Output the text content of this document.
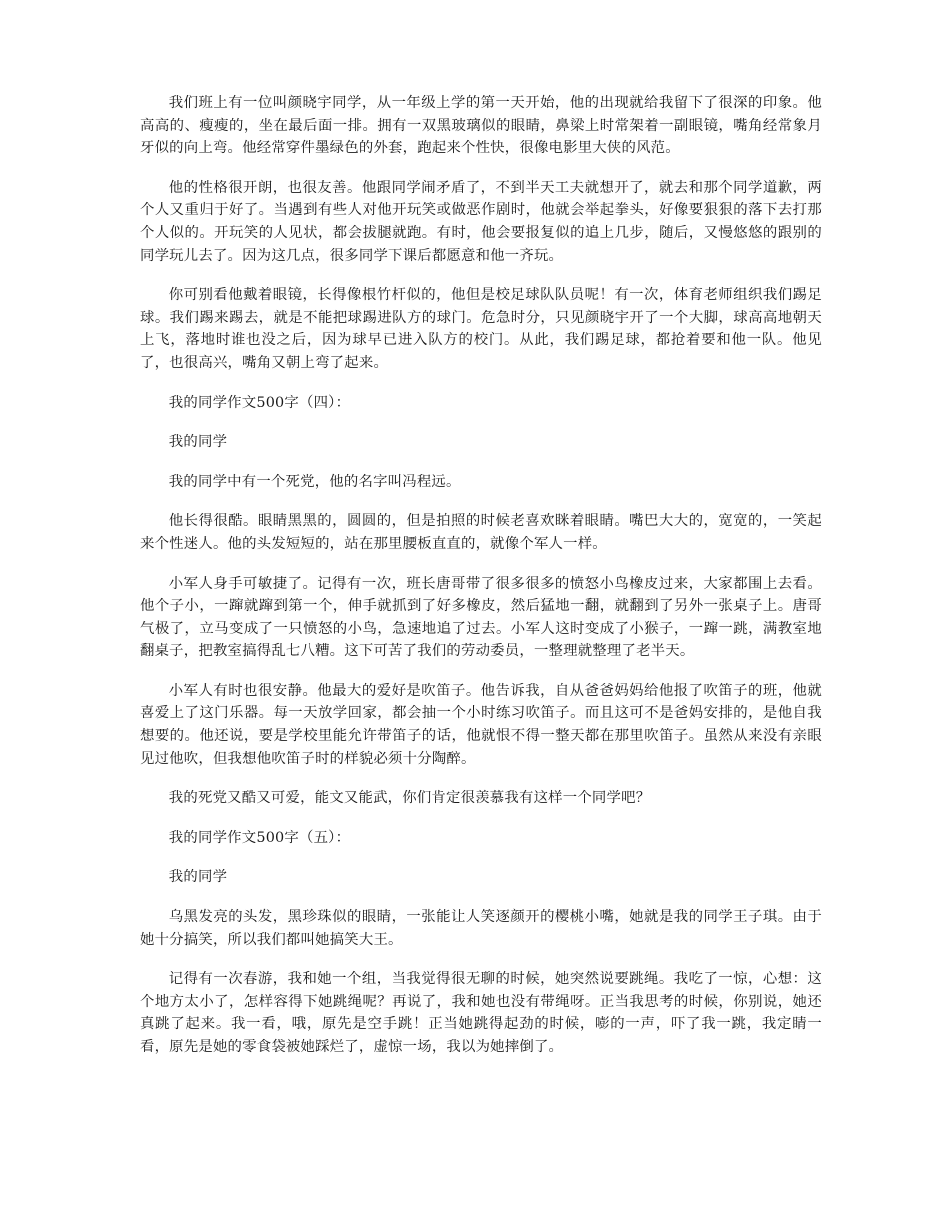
我们班上有一位叫颜晓宇同学，从一年级上学的第一天开始，他的出现就给我留下了很深的印象。他高高的、瘦瘦的，坐在最后面一排。拥有一双黑玻璃似的眼睛，鼻梁上时常架着一副眼镜，嘴角经常象月牙似的向上弯。他经常穿件墨绿色的外套，跑起来个性快，很像电影里大侠的风范。

他的性格很开朗，也很友善。他跟同学闹矛盾了，不到半天工夫就想开了，就去和那个同学道歉，两个人又重归于好了。当遇到有些人对他开玩笑或做恶作剧时，他就会举起拳头，好像要狠狠的落下去打那个人似的。开玩笑的人见状，都会拔腿就跑。有时，他会要报复似的追上几步，随后，又慢悠悠的跟别的同学玩儿去了。因为这几点，很多同学下课后都愿意和他一齐玩。

你可别看他戴着眼镜，长得像根竹杆似的，他但是校足球队队员呢！有一次，体育老师组织我们踢足球。我们踢来踢去，就是不能把球踢进队方的球门。危急时分，只见颜晓宇开了一个大脚，球高高地朝天上飞，落地时谁也没之后，因为球早已进入队方的校门。从此，我们踢足球，都抢着要和他一队。他见了，也很高兴，嘴角又朝上弯了起来。

我的同学作文500字（四）：

我的同学

我的同学中有一个死党，他的名字叫冯程远。

他长得很酷。眼睛黑黑的，圆圆的，但是拍照的时候老喜欢眯着眼睛。嘴巴大大的，宽宽的，一笑起来个性迷人。他的头发短短的，站在那里腰板直直的，就像个军人一样。

小军人身手可敏捷了。记得有一次，班长唐哥带了很多很多的愤怒小鸟橡皮过来，大家都围上去看。他个子小，一蹿就蹿到第一个，伸手就抓到了好多橡皮，然后猛地一翻，就翻到了另外一张桌子上。唐哥气极了，立马变成了一只愤怒的小鸟，急速地追了过去。小军人这时变成了小猴子，一蹿一跳，满教室地翻桌子，把教室搞得乱七八糟。这下可苦了我们的劳动委员，一整理就整理了老半天。

小军人有时也很安静。他最大的爱好是吹笛子。他告诉我，自从爸爸妈妈给他报了吹笛子的班，他就喜爱上了这门乐器。每一天放学回家，都会抽一个小时练习吹笛子。而且这可不是爸妈安排的，是他自我想要的。他还说，要是学校里能允许带笛子的话，他就恨不得一整天都在那里吹笛子。虽然从来没有亲眼见过他吹，但我想他吹笛子时的样貌必须十分陶醉。

我的死党又酷又可爱，能文又能武，你们肯定很羡慕我有这样一个同学吧？

我的同学作文500字（五）：

我的同学

乌黑发亮的头发，黑珍珠似的眼睛，一张能让人笑逐颜开的樱桃小嘴，她就是我的同学王子琪。由于她十分搞笑，所以我们都叫她搞笑大王。

记得有一次春游，我和她一个组，当我觉得很无聊的时候，她突然说要跳绳。我吃了一惊，心想：这个地方太小了，怎样容得下她跳绳呢？再说了，我和她也没有带绳呀。正当我思考的时候，你别说，她还真跳了起来。我一看，哦，原先是空手跳！正当她跳得起劲的时候，嘭的一声，吓了我一跳，我定睛一看，原先是她的零食袋被她踩烂了，虚惊一场，我以为她摔倒了。
